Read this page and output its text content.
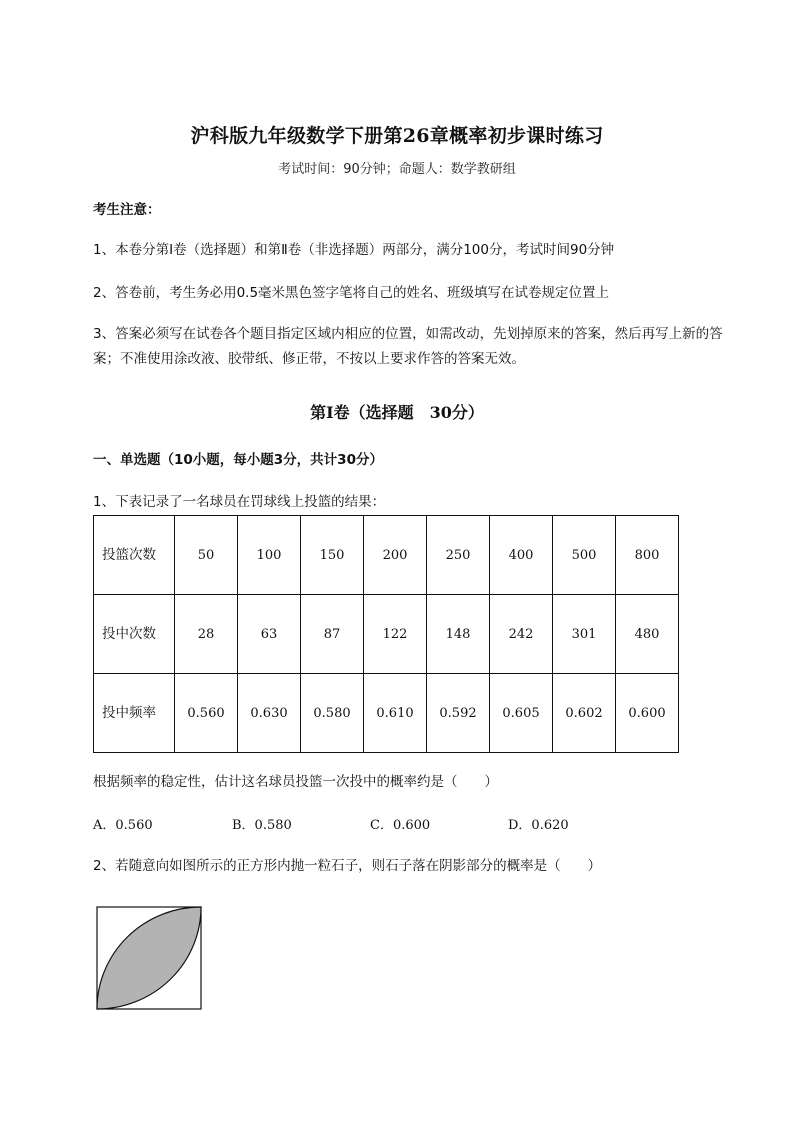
沪科版九年级数学下册第26章概率初步课时练习
考试时间：90分钟；命题人：数学教研组
考生注意：
1、本卷分第I卷（选择题）和第Ⅱ卷（非选择题）两部分，满分100分，考试时间90分钟
2、答卷前，考生务必用0.5毫米黑色签字笔将自己的姓名、班级填写在试卷规定位置上
3、答案必须写在试卷各个题目指定区域内相应的位置，如需改动，先划掉原来的答案，然后再写上新的答案；不准使用涂改液、胶带纸、修正带，不按以上要求作答的答案无效。
第I卷（选择题　30分）
一、单选题（10小题，每小题3分，共计30分）
1、下表记录了一名球员在罚球线上投篮的结果：
投篮次数	50	100	150	200	250	400	500	800
投中次数	28	63	87	122	148	242	301	480
投中频率	0.560	0.630	0.580	0.610	0.592	0.605	0.602	0.600
根据频率的稳定性，估计这名球员投篮一次投中的概率约是（　　）
A．0.560	B．0.580	C．0.600	D．0.620
2、若随意向如图所示的正方形内抛一粒石子，则石子落在阴影部分的概率是（　　）
